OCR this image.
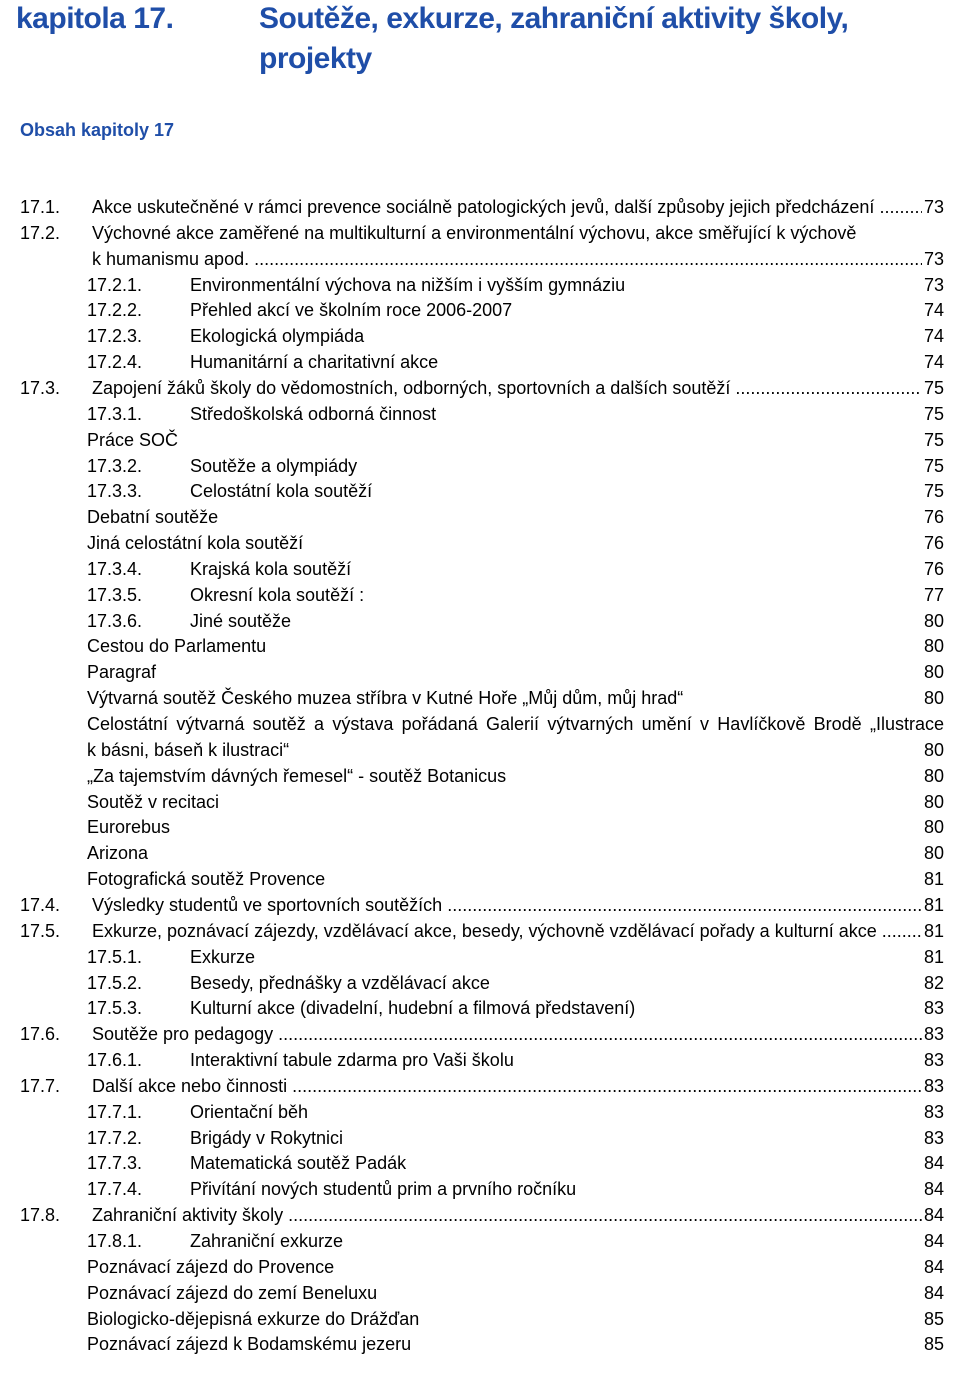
kapitola 17.	Soutěže, exkurze, zahraniční aktivity školy,
projekty
Obsah kapitoly 17
17.1. Akce uskutečněné v rámci prevence sociálně patologických jevů, další způsoby jejich předcházení .....	73
17.2. Výchovné akce zaměřené na multikulturní a environmentální výchovu, akce směřující k výchově
k humanismu apod. .....	73
17.2.1.	Environmentální výchova na nižším i vyšším gymnáziu	73
17.2.2.	Přehled akcí ve školním roce 2006-2007	74
17.2.3.	Ekologická olympiáda	74
17.2.4.	Humanitární a charitativní akce	74
17.3. Zapojení žáků školy do vědomostních, odborných, sportovních a dalších soutěží .....	75
17.3.1.	Středoškolská odborná činnost	75
Práce SOČ	75
17.3.2.	Soutěže a olympiády	75
17.3.3.	Celostátní kola soutěží	75
Debatní soutěže	76
Jiná celostátní kola soutěží	76
17.3.4.	Krajská kola soutěží	76
17.3.5.	Okresní kola soutěží :	77
17.3.6.	Jiné soutěže	80
Cestou do Parlamentu	80
Paragraf	80
Výtvarná soutěž Českého muzea stříbra v Kutné Hoře „Můj dům, můj hrad“	80
Celostátní výtvarná soutěž a výstava pořádaná Galerií výtvarných umění v Havlíčkově Brodě „Ilustrace
k básni, báseň k ilustraci“	80
„Za tajemstvím dávných řemesel“ - soutěž Botanicus	80
Soutěž v recitaci	80
Eurorebus	80
Arizona	80
Fotografická soutěž Provence	81
17.4. Výsledky studentů ve sportovních soutěžích .....	81
17.5. Exkurze, poznávací zájezdy, vzdělávací akce, besedy, výchovně vzdělávací pořady a kulturní akce .....	81
17.5.1.	Exkurze	81
17.5.2.	Besedy, přednášky a vzdělávací akce	82
17.5.3.	Kulturní akce (divadelní, hudební a filmová představení)	83
17.6. Soutěže pro pedagogy .....	83
17.6.1.	Interaktivní tabule zdarma pro Vaši školu	83
17.7. Další akce nebo činnosti .....	83
17.7.1.	Orientační běh	83
17.7.2.	Brigády v Rokytnici	83
17.7.3.	Matematická soutěž Padák	84
17.7.4.	Přivítání nových studentů prim a prvního ročníku	84
17.8. Zahraniční aktivity školy .....	84
17.8.1.	Zahraniční exkurze	84
Poznávací zájezd do Provence	84
Poznávací zájezd do zemí Beneluxu	84
Biologicko-dějepisná exkurze do Drážďan	85
Poznávací zájezd k Bodamskému jezeru	85
